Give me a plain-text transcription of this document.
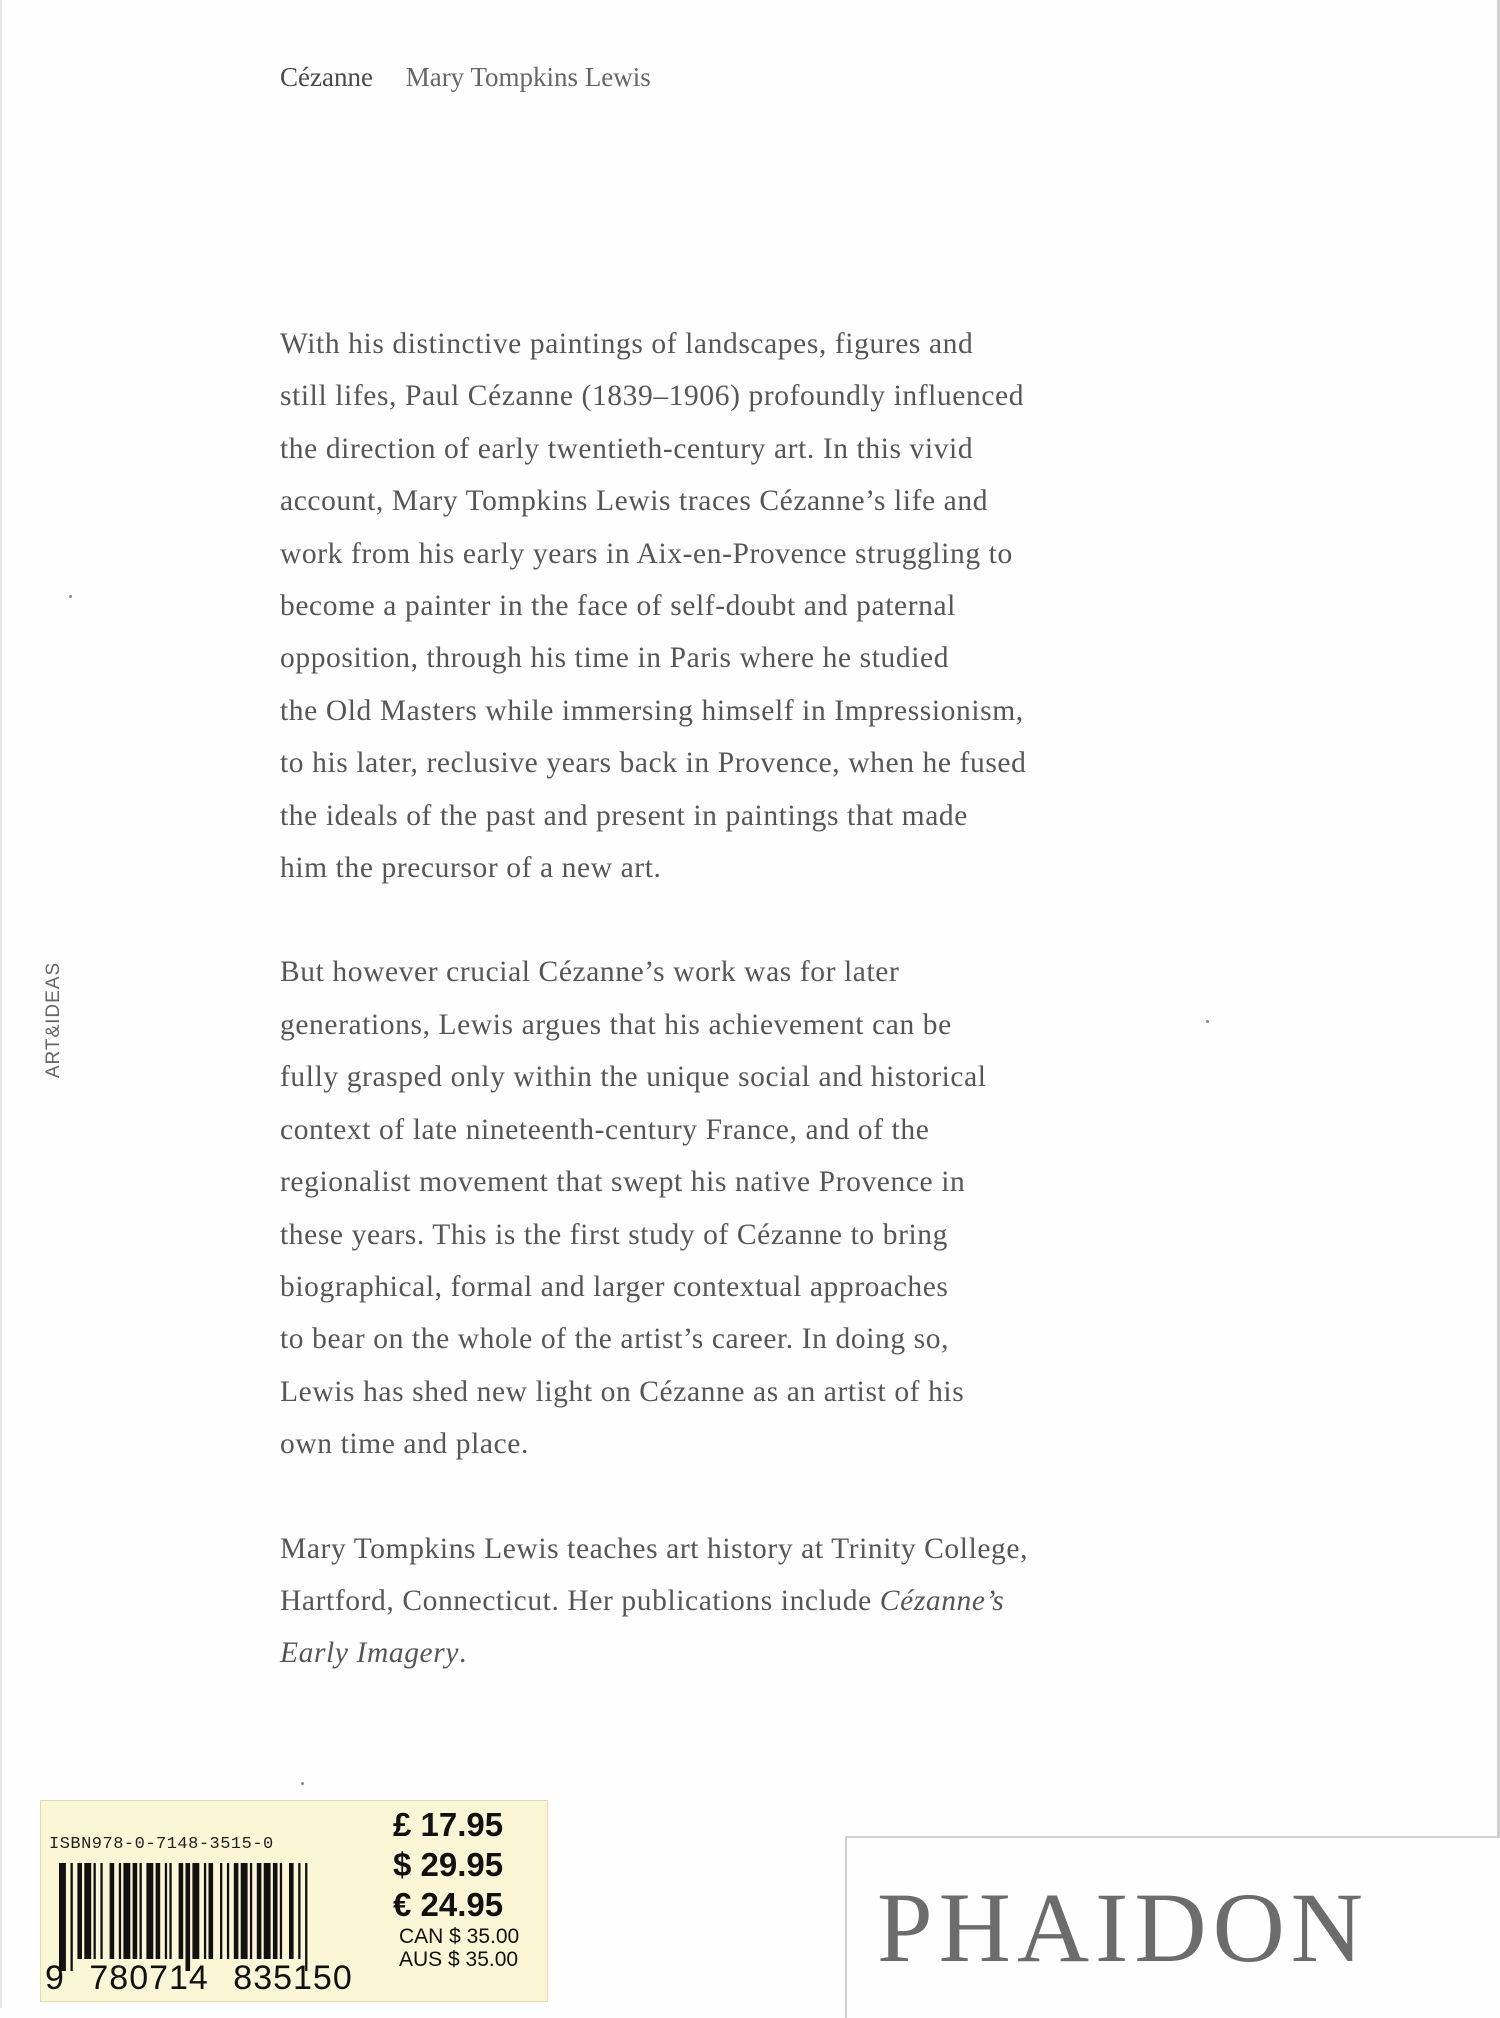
Cézanne Mary Tompkins Lewis
ART&IDEAS

With his distinctive paintings of landscapes, figures and
still lifes, Paul Cézanne (1839–1906) profoundly influenced
the direction of early twentieth-century art. In this vivid
account, Mary Tompkins Lewis traces Cézanne’s life and
work from his early years in Aix-en-Provence struggling to
become a painter in the face of self-doubt and paternal
opposition, through his time in Paris where he studied
the Old Masters while immersing himself in Impressionism,
to his later, reclusive years back in Provence, when he fused
the ideals of the past and present in paintings that made
him the precursor of a new art.

But however crucial Cézanne’s work was for later
generations, Lewis argues that his achievement can be
fully grasped only within the unique social and historical
context of late nineteenth-century France, and of the
regionalist movement that swept his native Provence in
these years. This is the first study of Cézanne to bring
biographical, formal and larger contextual approaches
to bear on the whole of the artist’s career. In doing so,
Lewis has shed new light on Cézanne as an artist of his
own time and place.

Mary Tompkins Lewis teaches art history at Trinity College,
Hartford, Connecticut. Her publications include Cézanne’s
Early Imagery.

ISBN978-0-7148-3515-0
9 780714 835150
£ 17.95
$ 29.95
€ 24.95
CAN $ 35.00
AUS $ 35.00	PHAIDON
